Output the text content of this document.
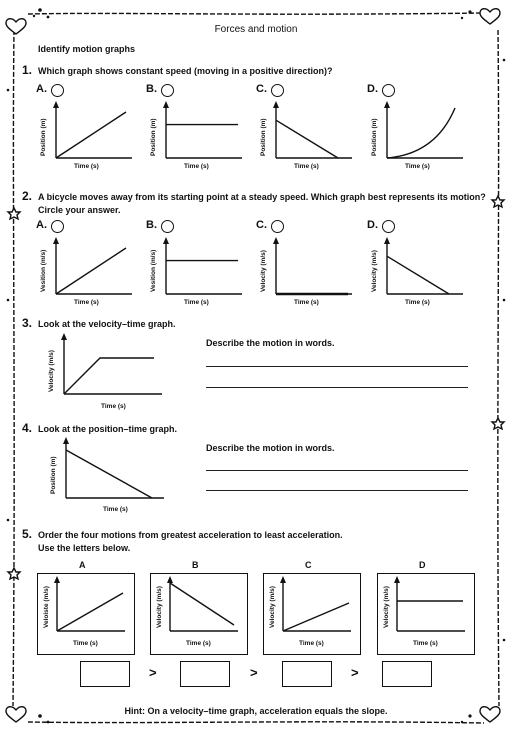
Forces and motion
Identify motion graphs
1. Which graph shows constant speed (moving in a positive direction)?
A.
Position (m)
Time (s)
B.
Position (m)
Time (s)
C.
Position (m)
Time (s)
D.
Position (m)
Time (s)
2. A bicycle moves away from its starting point at a steady speed. Which graph best represents its motion?
Circle your answer.
A.
Vesition (m/s)
Time (s)
B.
Vesition (m/s)
Time (s)
C.
Velocity (m/s)
Time (s)
D.
Velocity (m/s)
Time (s)
3. Look at the velocity–time graph.
Velocity (m/s)
Time (s)
Describe the motion in words.
4. Look at the position–time graph.
Position (m)
Time (s)
Describe the motion in words.
5. Order the four motions from greatest acceleration to least acceleration.
Use the letters below.
A
Veloiste (m/s)
Time (s)
B
Velocity (m/s)
Time (s)
C
Velocity (m/s)
Time (s)
D
Velocity (m/s)
Time (s)
>	>	>
Hint: On a velocity–time graph, acceleration equals the slope.
